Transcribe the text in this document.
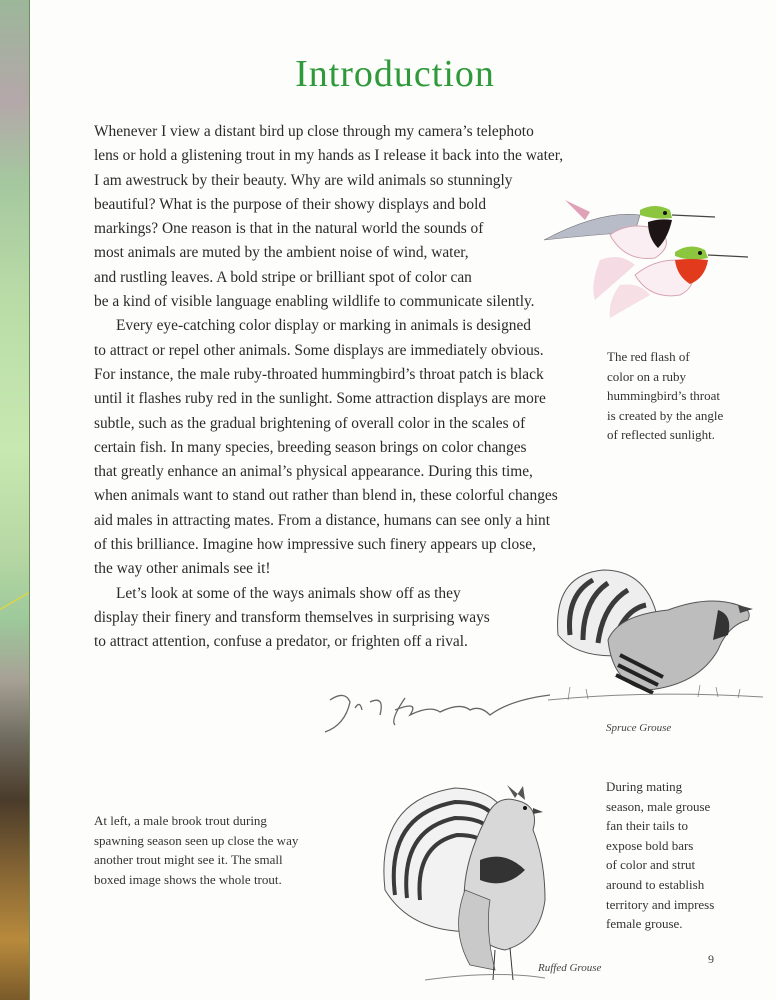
Introduction
Whenever I view a distant bird up close through my camera’s telephoto
lens or hold a glistening trout in my hands as I release it back into the water,
I am awestruck by their beauty. Why are wild animals so stunningly
beautiful? What is the purpose of their showy displays and bold
markings? One reason is that in the natural world the sounds of
most animals are muted by the ambient noise of wind, water,
and rustling leaves. A bold stripe or brilliant spot of color can
be a kind of visible language enabling wildlife to communicate silently.
Every eye-catching color display or marking in animals is designed
to attract or repel other animals. Some displays are immediately obvious.
For instance, the male ruby-throated hummingbird’s throat patch is black
until it flashes ruby red in the sunlight. Some attraction displays are more
subtle, such as the gradual brightening of overall color in the scales of
certain fish. In many species, breeding season brings on color changes
that greatly enhance an animal’s physical appearance. During this time,
when animals want to stand out rather than blend in, these colorful changes
aid males in attracting mates. From a distance, humans can see only a hint
of this brilliance. Imagine how impressive such finery appears up close,
the way other animals see it!
Let’s look at some of the ways animals show off as they
display their finery and transform themselves in surprising ways
to attract attention, confuse a predator, or frighten off a rival.
The red flash of
color on a ruby
hummingbird’s throat
is created by the angle
of reflected sunlight.
Spruce Grouse
Ruffed Grouse
During mating
season, male grouse
fan their tails to
expose bold bars
of color and strut
around to establish
territory and impress
female grouse.
At left, a male brook trout during
spawning season seen up close the way
another trout might see it. The small
boxed image shows the whole trout.
9
